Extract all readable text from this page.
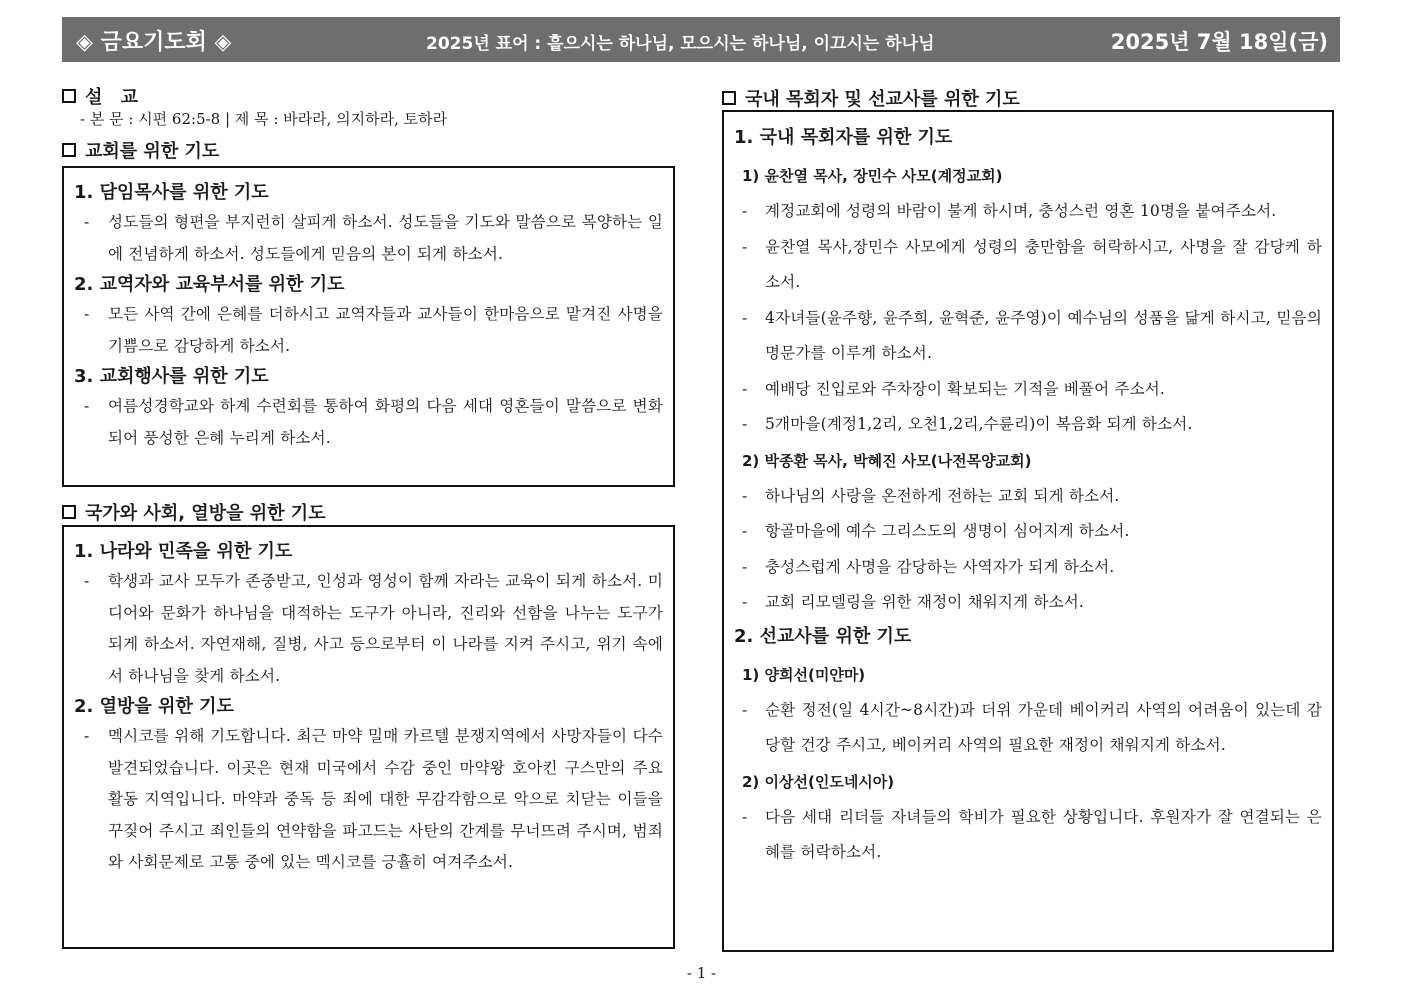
◈ 금요기도회 ◈	2025년 표어 : 흩으시는 하나님, 모으시는 하나님, 이끄시는 하나님	2025년 7월 18일(금)
설 교
- 본 문 : 시편 62:5-8 | 제 목 : 바라라, 의지하라, 토하라
교회를 위한 기도
1. 담임목사를 위한 기도
- 성도들의 형편을 부지런히 살피게 하소서. 성도들을 기도와 말씀으로 목양하는 일에 전념하게 하소서. 성도들에게 믿음의 본이 되게 하소서.
2. 교역자와 교육부서를 위한 기도
- 모든 사역 간에 은혜를 더하시고 교역자들과 교사들이 한마음으로 맡겨진 사명을 기쁨으로 감당하게 하소서.
3. 교회행사를 위한 기도
- 여름성경학교와 하계 수련회를 통하여 화평의 다음 세대 영혼들이 말씀으로 변화되어 풍성한 은혜 누리게 하소서.
국가와 사회, 열방을 위한 기도
1. 나라와 민족을 위한 기도
- 학생과 교사 모두가 존중받고, 인성과 영성이 함께 자라는 교육이 되게 하소서. 미디어와 문화가 하나님을 대적하는 도구가 아니라, 진리와 선함을 나누는 도구가 되게 하소서. 자연재해, 질병, 사고 등으로부터 이 나라를 지켜 주시고, 위기 속에서 하나님을 찾게 하소서.
2. 열방을 위한 기도
- 멕시코를 위해 기도합니다. 최근 마약 밀매 카르텔 분쟁지역에서 사망자들이 다수 발견되었습니다. 이곳은 현재 미국에서 수감 중인 마약왕 호아킨 구스만의 주요 활동 지역입니다. 마약과 중독 등 죄에 대한 무감각함으로 악으로 치닫는 이들을 꾸짖어 주시고 죄인들의 연약함을 파고드는 사탄의 간계를 무너뜨려 주시며, 범죄와 사회문제로 고통 중에 있는 멕시코를 긍휼히 여겨주소서.
국내 목회자 및 선교사를 위한 기도
1. 국내 목회자를 위한 기도
1) 윤찬열 목사, 장민수 사모(계정교회)
- 계정교회에 성령의 바람이 불게 하시며, 충성스런 영혼 10명을 붙여주소서.
- 윤찬열 목사,장민수 사모에게 성령의 충만함을 허락하시고, 사명을 잘 감당케 하소서.
- 4자녀들(윤주향, 윤주희, 윤혁준, 윤주영)이 예수님의 성품을 닮게 하시고, 믿음의 명문가를 이루게 하소서.
- 예배당 진입로와 주차장이 확보되는 기적을 베풀어 주소서.
- 5개마을(계정1,2리, 오천1,2리,수륜리)이 복음화 되게 하소서.
2) 박종환 목사, 박혜진 사모(나전목양교회)
- 하나님의 사랑을 온전하게 전하는 교회 되게 하소서.
- 항골마을에 예수 그리스도의 생명이 심어지게 하소서.
- 충성스럽게 사명을 감당하는 사역자가 되게 하소서.
- 교회 리모델링을 위한 재정이 채워지게 하소서.
2. 선교사를 위한 기도
1) 양희선(미얀마)
- 순환 정전(일 4시간~8시간)과 더위 가운데 베이커리 사역의 어려움이 있는데 감당할 건강 주시고, 베이커리 사역의 필요한 재정이 채워지게 하소서.
2) 이상선(인도네시아)
- 다음 세대 리더들 자녀들의 학비가 필요한 상황입니다. 후원자가 잘 연결되는 은혜를 허락하소서.
- 1 -
